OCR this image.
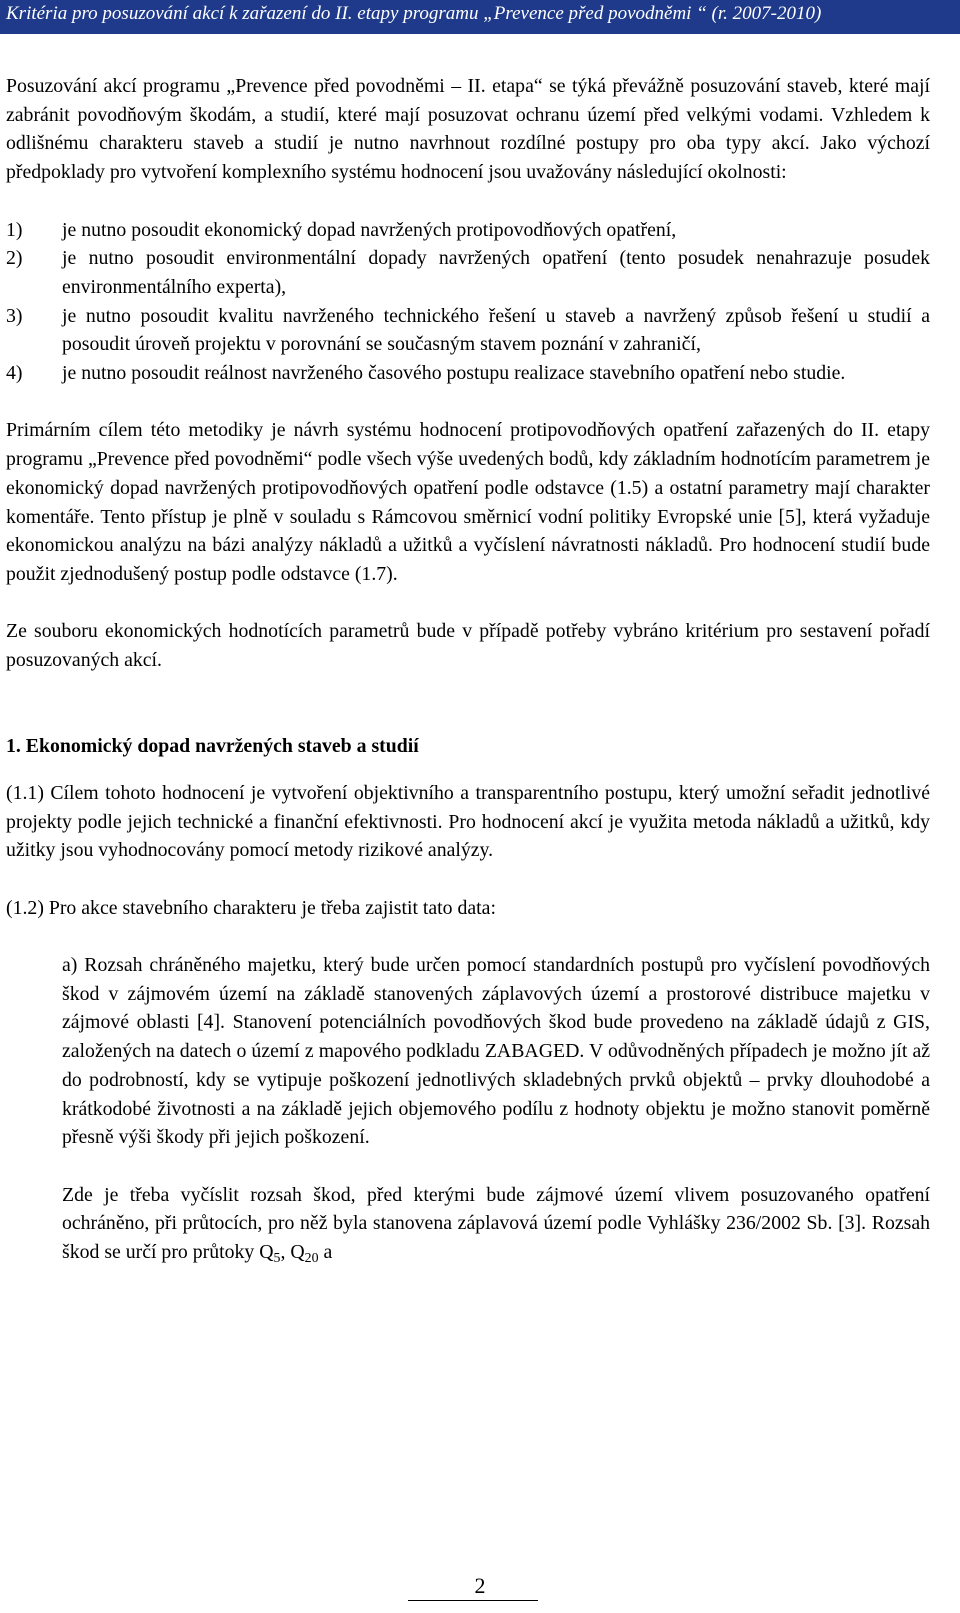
Kritéria pro posuzování akcí k zařazení do II. etapy programu „Prevence před povodněmi “ (r. 2007-2010)

Posuzování akcí programu „Prevence před povodněmi – II. etapa“ se týká převážně posuzování staveb, které mají zabránit povodňovým škodám, a studií, které mají posuzovat ochranu území před velkými vodami. Vzhledem k odlišnému charakteru staveb a studií je nutno navrhnout rozdílné postupy pro oba typy akcí. Jako výchozí předpoklady pro vytvoření komplexního systému hodnocení jsou uvažovány následující okolnosti:

1) je nutno posoudit ekonomický dopad navržených protipovodňových opatření,
2) je nutno posoudit environmentální dopady navržených opatření (tento posudek nenahrazuje posudek environmentálního experta),
3) je nutno posoudit kvalitu navrženého technického řešení u staveb a navržený způsob řešení u studií a posoudit úroveň projektu v porovnání se současným stavem poznání v zahraničí,
4) je nutno posoudit reálnost navrženého časového postupu realizace stavebního opatření nebo studie.

Primárním cílem této metodiky je návrh systému hodnocení protipovodňových opatření zařazených do II. etapy programu „Prevence před povodněmi“ podle všech výše uvedených bodů, kdy základním hodnotícím parametrem je ekonomický dopad navržených protipovodňových opatření podle odstavce (1.5) a ostatní parametry mají charakter komentáře. Tento přístup je plně v souladu s Rámcovou směrnicí vodní politiky Evropské unie [5], která vyžaduje ekonomickou analýzu na bázi analýzy nákladů a užitků a vyčíslení návratnosti nákladů. Pro hodnocení studií bude použit zjednodušený postup podle odstavce (1.7).

Ze souboru ekonomických hodnotících parametrů bude v případě potřeby vybráno kritérium pro sestavení pořadí posuzovaných akcí.

1. Ekonomický dopad navržených staveb a studií

(1.1) Cílem tohoto hodnocení je vytvoření objektivního a transparentního postupu, který umožní seřadit jednotlivé projekty podle jejich technické a finanční efektivnosti. Pro hodnocení akcí je využita metoda nákladů a užitků, kdy užitky jsou vyhodnocovány pomocí metody rizikové analýzy.

(1.2) Pro akce stavebního charakteru je třeba zajistit tato data:

a) Rozsah chráněného majetku, který bude určen pomocí standardních postupů pro vyčíslení povodňových škod v zájmovém území na základě stanovených záplavových území a prostorové distribuce majetku v zájmové oblasti [4]. Stanovení potenciálních povodňových škod bude provedeno na základě údajů z GIS, založených na datech o území z mapového podkladu ZABAGED. V odůvodněných případech je možno jít až do podrobností, kdy se vytipuje poškození jednotlivých skladebných prvků objektů – prvky dlouhodobé a krátkodobé životnosti a na základě jejich objemového podílu z hodnoty objektu je možno stanovit poměrně přesně výši škody při jejich poškození.

Zde je třeba vyčíslit rozsah škod, před kterými bude zájmové území vlivem posuzovaného opatření ochráněno, při průtocích, pro něž byla stanovena záplavová území podle Vyhlášky 236/2002 Sb. [3]. Rozsah škod se určí pro průtoky $Q_5$, $Q_{20}$ a

2
